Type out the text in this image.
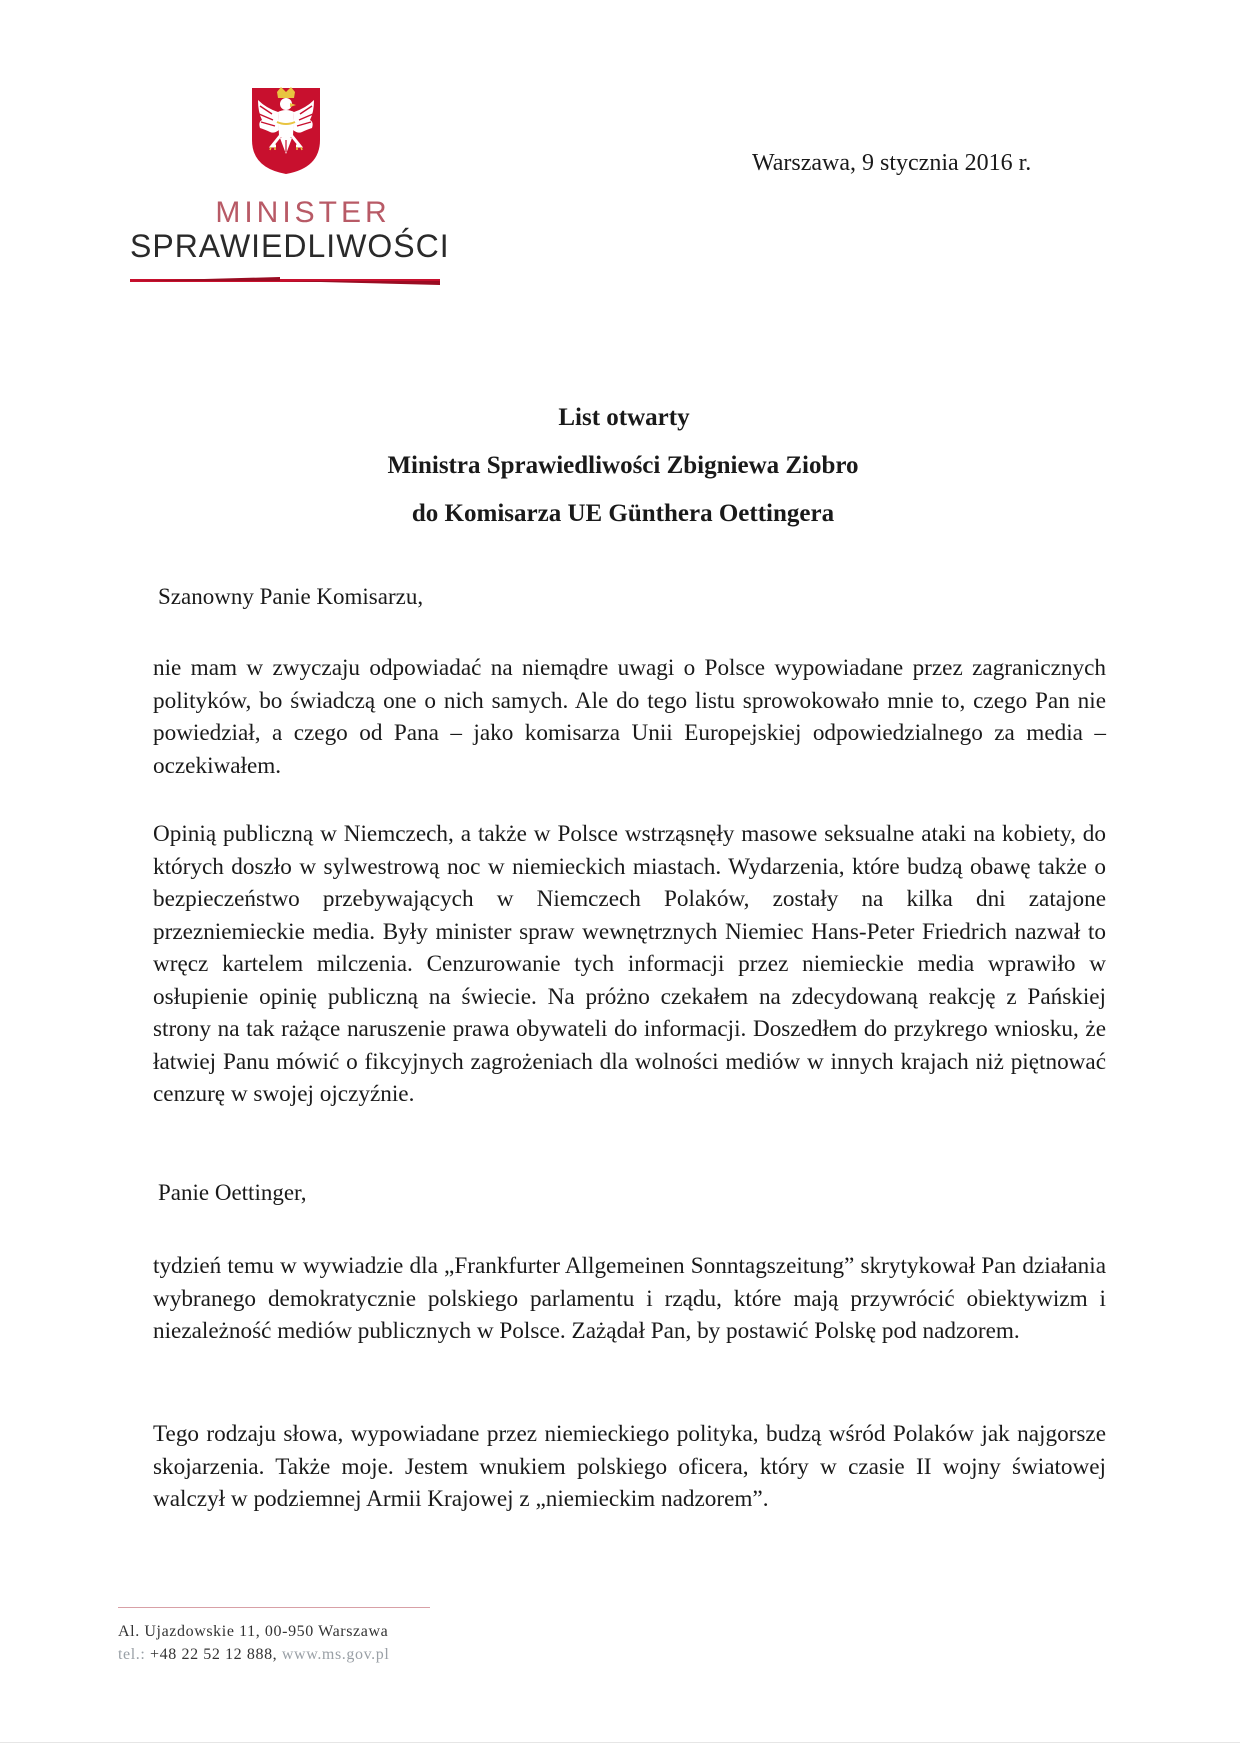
MINISTER
SPRAWIEDLIWOŚCI
Warszawa, 9 stycznia 2016 r.
List otwarty
Ministra Sprawiedliwości Zbigniewa Ziobro
do Komisarza UE Günthera Oettingera
Szanowny Panie Komisarzu,
nie mam w zwyczaju odpowiadać na niemądre uwagi o Polsce wypowiadane przez zagranicznych polityków, bo świadczą one o nich samych. Ale do tego listu sprowokowało mnie to, czego Pan nie powiedział, a czego od Pana – jako komisarza Unii Europejskiej odpowiedzialnego za media – oczekiwałem.
Opinią publiczną w Niemczech, a także w Polsce wstrząsnęły masowe seksualne ataki na kobiety, do których doszło w sylwestrową noc w niemieckich miastach. Wydarzenia, które budzą obawę także o bezpieczeństwo przebywających w Niemczech Polaków, zostały na kilka dni zatajone przezniemieckie media. Były minister spraw wewnętrznych Niemiec Hans-Peter Friedrich nazwał to wręcz kartelem milczenia. Cenzurowanie tych informacji przez niemieckie media wprawiło w osłupienie opinię publiczną na świecie. Na próżno czekałem na zdecydowaną reakcję z Pańskiej strony na tak rażące naruszenie prawa obywateli do informacji. Doszedłem do przykrego wniosku, że łatwiej Panu mówić o fikcyjnych zagrożeniach dla wolności mediów w innych krajach niż piętnować cenzurę w swojej ojczyźnie.
Panie Oettinger,
tydzień temu w wywiadzie dla „Frankfurter Allgemeinen Sonntagszeitung” skrytykował Pan działania wybranego demokratycznie polskiego parlamentu i rządu, które mają przywrócić obiektywizm i niezależność mediów publicznych w Polsce. Zażądał Pan, by postawić Polskę pod nadzorem.
Tego rodzaju słowa, wypowiadane przez niemieckiego polityka, budzą wśród Polaków jak najgorsze skojarzenia. Także moje. Jestem wnukiem polskiego oficera, który w czasie II wojny światowej walczył w podziemnej Armii Krajowej z „niemieckim nadzorem”.
Al. Ujazdowskie 11, 00-950 Warszawa
tel.: +48 22 52 12 888, www.ms.gov.pl
